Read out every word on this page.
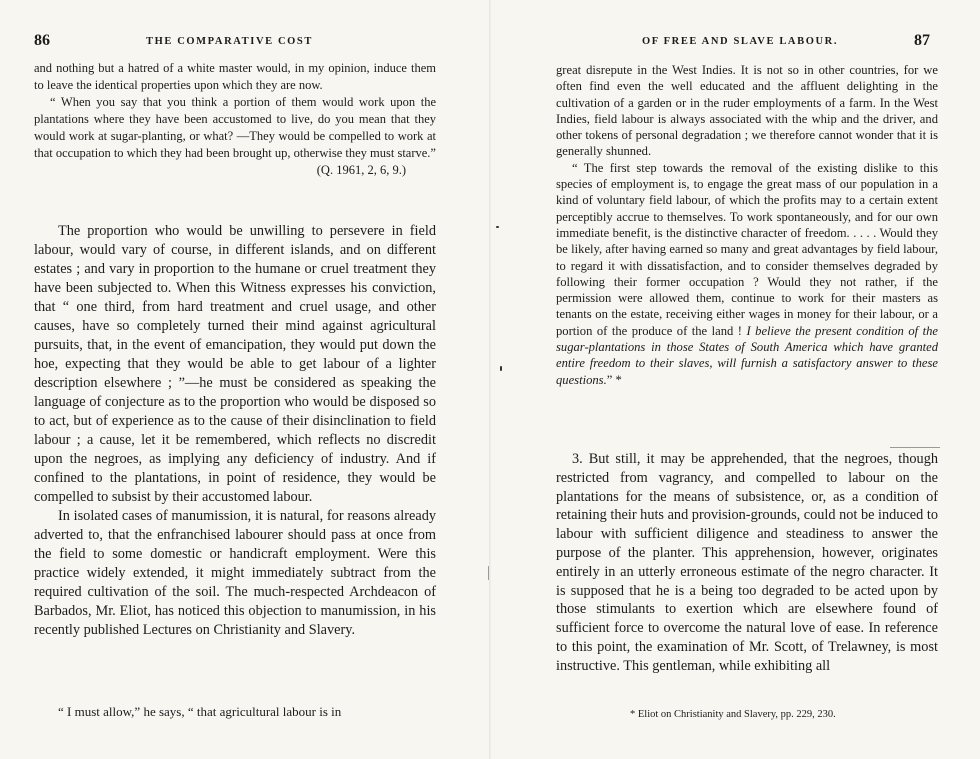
86	THE COMPARATIVE COST

and nothing but a hatred of a white master would, in my opinion, induce them to leave the identical properties upon which they are now.

“ When you say that you think a portion of them would work upon the plantations where they have been accustomed to live, do you mean that they would work at sugar-planting, or what? —They would be compelled to work at that occupation to which they had been brought up, otherwise they must starve.”

(Q. 1961, 2, 6, 9.)

The proportion who would be unwilling to persevere in field labour, would vary of course, in different islands, and on different estates ; and vary in proportion to the humane or cruel treatment they have been subjected to. When this Witness expresses his conviction, that “ one third, from hard treatment and cruel usage, and other causes, have so completely turned their mind against agricultural pursuits, that, in the event of emancipation, they would put down the hoe, expecting that they would be able to get labour of a lighter description elsewhere ; ”—he must be considered as speaking the language of conjecture as to the proportion who would be disposed so to act, but of experience as to the cause of their disinclination to field labour ; a cause, let it be remembered, which reflects no discredit upon the negroes, as implying any deficiency of industry. And if confined to the plantations, in point of residence, they would be compelled to subsist by their accustomed labour.

In isolated cases of manumission, it is natural, for reasons already adverted to, that the enfranchised labourer should pass at once from the field to some domestic or handicraft employment. Were this practice widely extended, it might immediately subtract from the required cultivation of the soil. The much-respected Archdeacon of Barbados, Mr. Eliot, has noticed this objection to manumission, in his recently published Lectures on Christianity and Slavery.

“ I must allow,” he says, “ that agricultural labour is in

OF FREE AND SLAVE LABOUR.	87

great disrepute in the West Indies. It is not so in other countries, for we often find even the well educated and the affluent delighting in the cultivation of a garden or in the ruder employments of a farm. In the West Indies, field labour is always associated with the whip and the driver, and other tokens of personal degradation ; we therefore cannot wonder that it is generally shunned.

“ The first step towards the removal of the existing dislike to this species of employment is, to engage the great mass of our population in a kind of voluntary field labour, of which the profits may to a certain extent perceptibly accrue to themselves. To work spontaneously, and for our own immediate benefit, is the distinctive character of freedom. . . . . Would they be likely, after having earned so many and great advantages by field labour, to regard it with dissatisfaction, and to consider themselves degraded by following their former occupation ? Would they not rather, if the permission were allowed them, continue to work for their masters as tenants on the estate, receiving either wages in money for their labour, or a portion of the produce of the land ! I believe the present condition of the sugar-plantations in those States of South America which have granted entire freedom to their slaves, will furnish a satisfactory answer to these questions.” *

3. But still, it may be apprehended, that the negroes, though restricted from vagrancy, and compelled to labour on the plantations for the means of subsistence, or, as a condition of retaining their huts and provision-grounds, could not be induced to labour with sufficient diligence and steadiness to answer the purpose of the planter. This apprehension, however, originates entirely in an utterly erroneous estimate of the negro character. It is supposed that he is a being too degraded to be acted upon by those stimulants to exertion which are elsewhere found of sufficient force to overcome the natural love of ease. In reference to this point, the examination of Mr. Scott, of Trelawney, is most instructive. This gentleman, while exhibiting all

* Eliot on Christianity and Slavery, pp. 229, 230.
